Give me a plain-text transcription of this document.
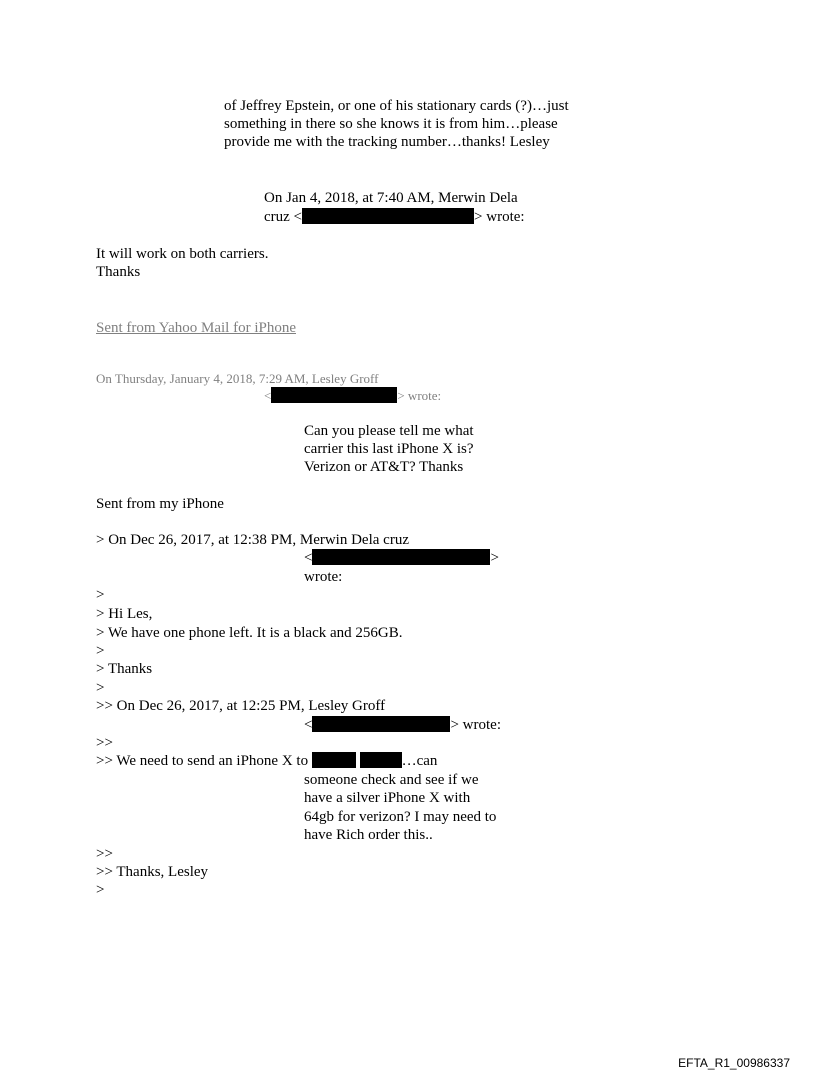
of Jeffrey Epstein, or one of his stationary cards (?)…just
something in there so she knows it is from him…please
provide me with the tracking number…thanks! Lesley
On Jan 4, 2018, at 7:40 AM, Merwin Dela
cruz <	> wrote:
It will work on both carriers.
Thanks
Sent from Yahoo Mail for iPhone
On Thursday, January 4, 2018, 7:29 AM, Lesley Groff
<	> wrote:
Can you please tell me what
carrier this last iPhone X is?
Verizon or AT&T? Thanks
Sent from my iPhone
> On Dec 26, 2017, at 12:38 PM, Merwin Dela cruz
<	>
wrote:
>
> Hi Les,
> We have one phone left. It is a black and 256GB.
>
> Thanks
>
>> On Dec 26, 2017, at 12:25 PM, Lesley Groff
<	> wrote:
>>
>> We need to send an iPhone X to	…can
someone check and see if we
have a silver iPhone X with
64gb for verizon? I may need to
have Rich order this..
>>
>> Thanks, Lesley
>
EFTA_R1_00986337
